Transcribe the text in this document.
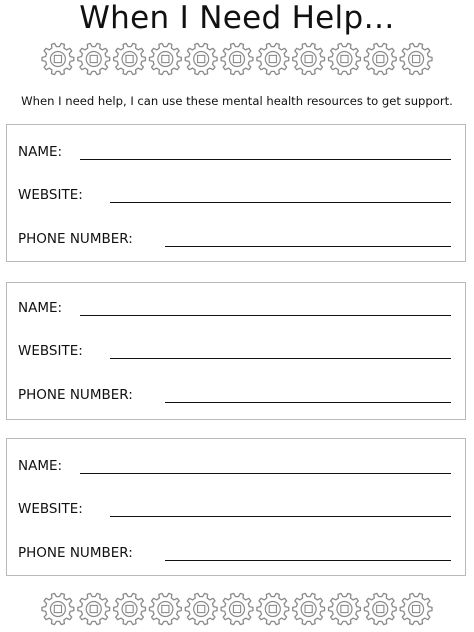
When I Need Help…
When I need help, I can use these mental health resources to get support.
NAME:
WEBSITE:
PHONE NUMBER:
NAME:
WEBSITE:
PHONE NUMBER:
NAME:
WEBSITE:
PHONE NUMBER:
